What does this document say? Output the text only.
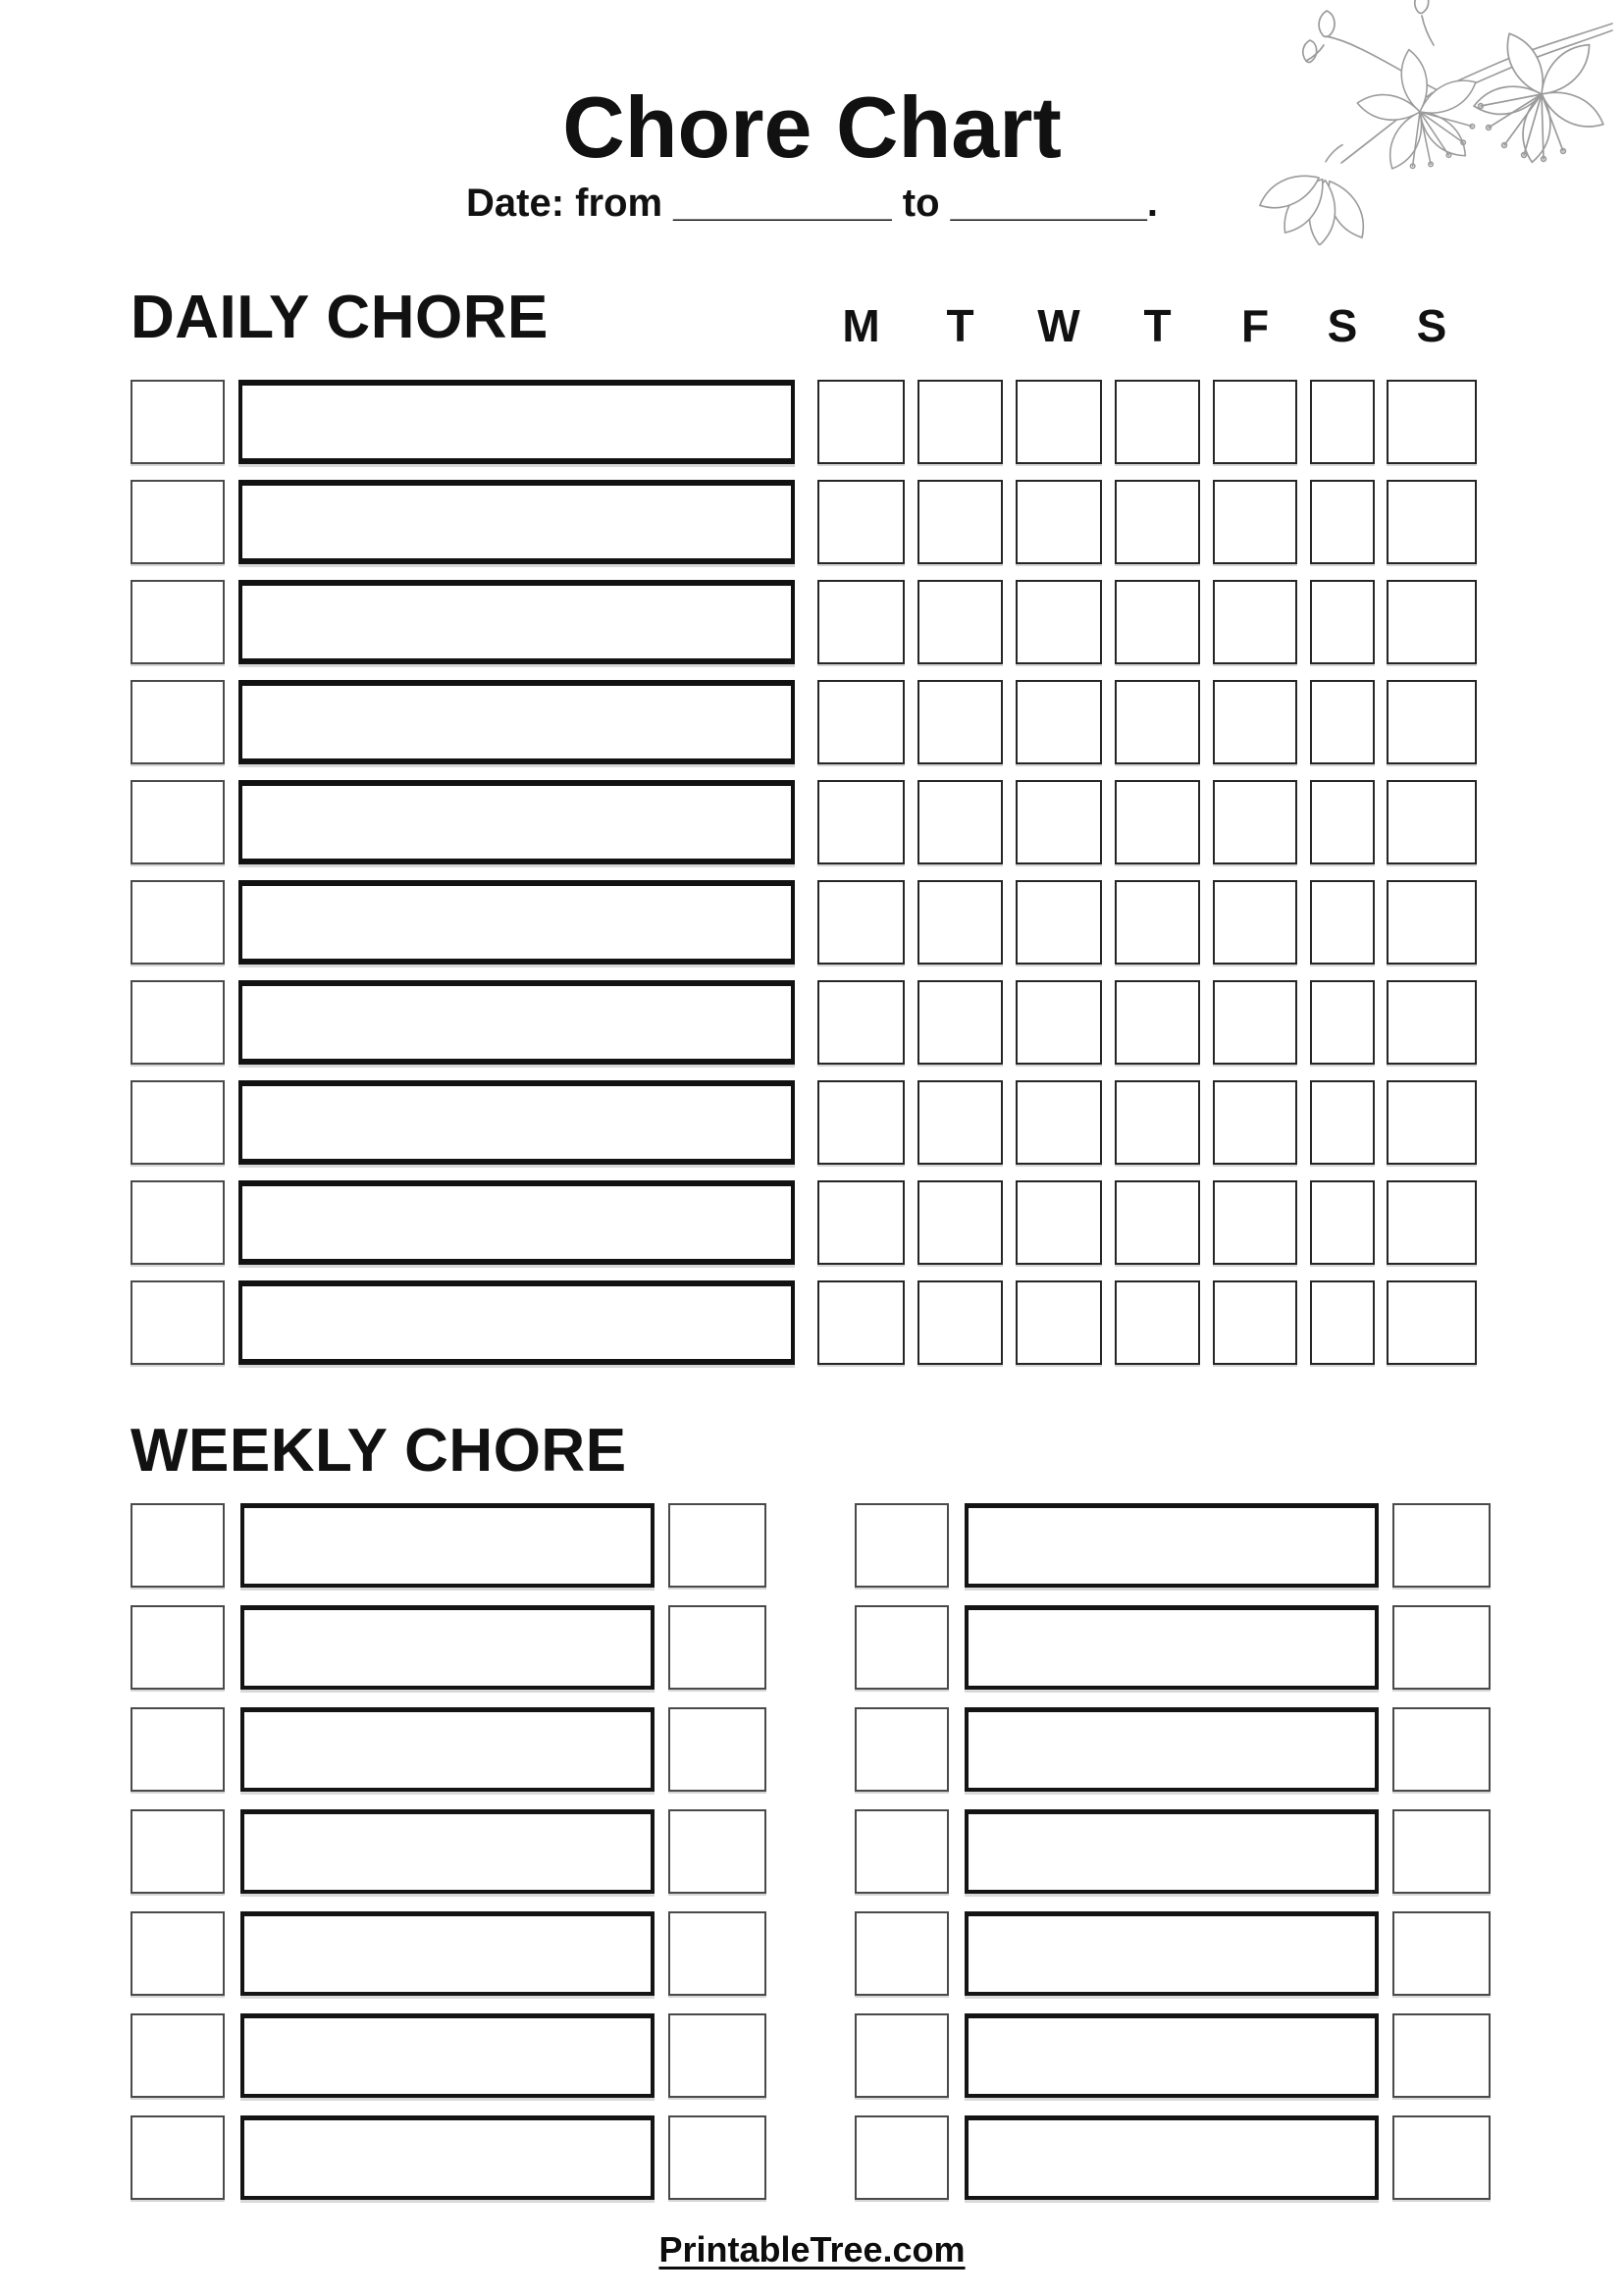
Chore Chart
Date: from __________ to _________.
DAILY CHORE	M	T	W	T	F	S	S
WEEKLY CHORE
PrintableTree.com
